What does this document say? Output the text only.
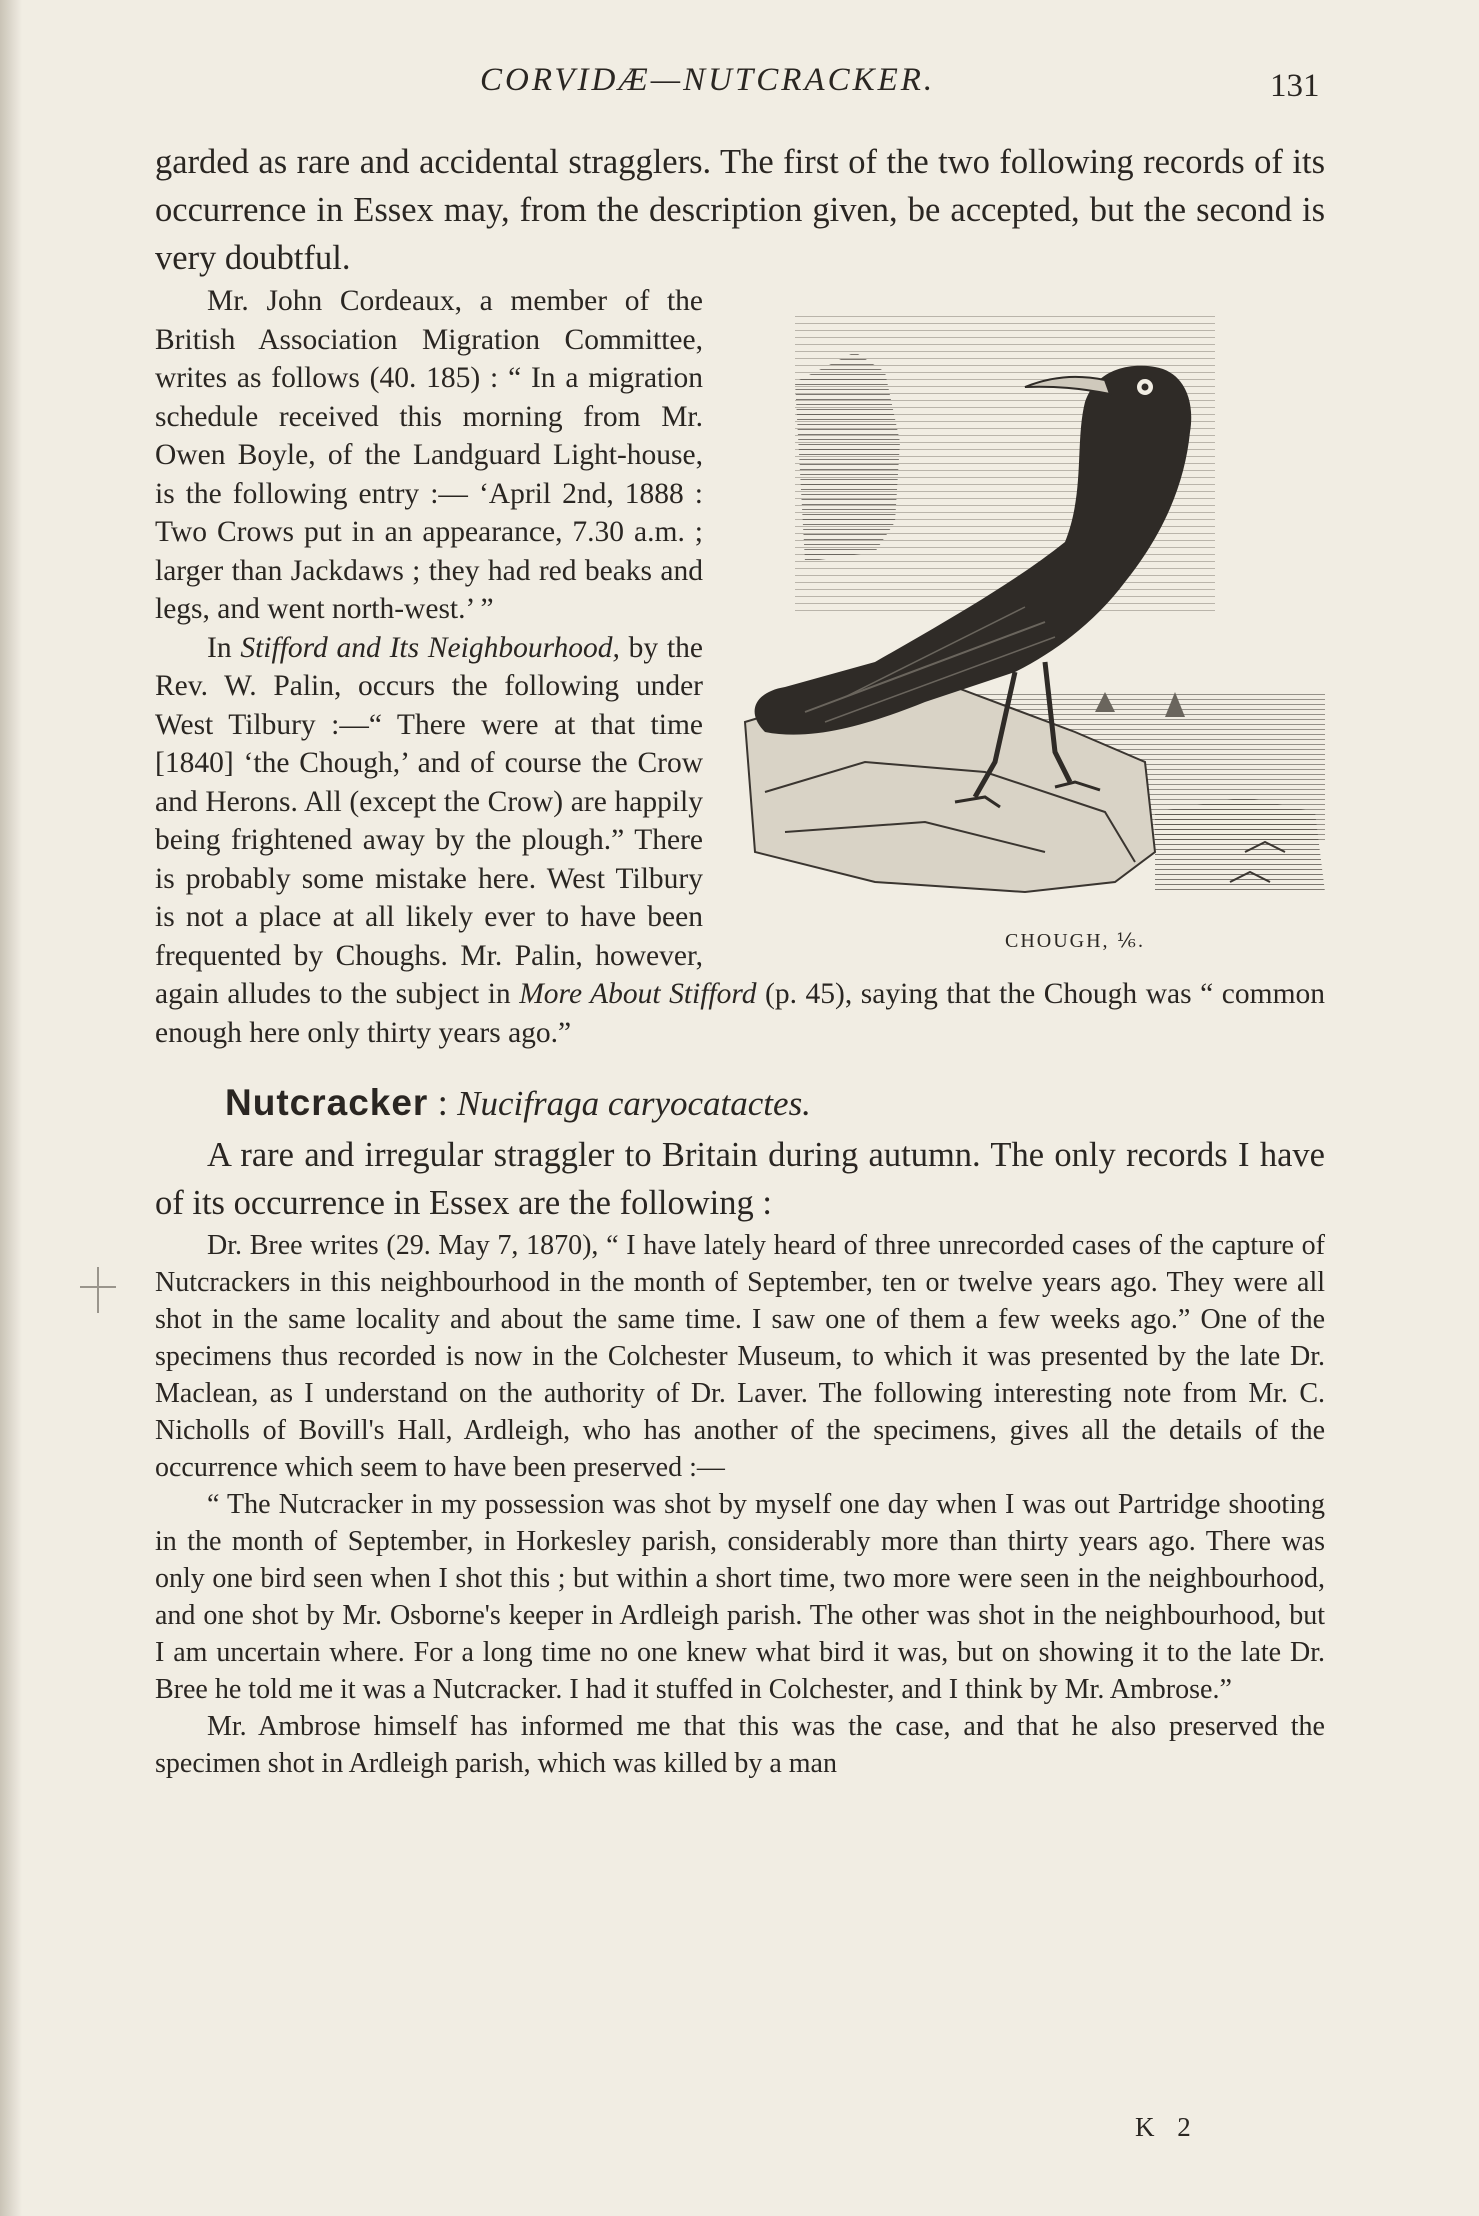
CORVIDÆ—NUTCRACKER.	131

garded as rare and accidental stragglers. The first of the two following records of its occurrence in Essex may, from the description given, be accepted, but the second is very doubtful.

CHOUGH, ⅙.

Mr. John Cordeaux, a member of the British Association Migration Committee, writes as follows (40. 185) : “ In a migration schedule received this morning from Mr. Owen Boyle, of the Landguard Light-house, is the following entry :— ‘April 2nd, 1888 : Two Crows put in an appearance, 7.30 a.m. ; larger than Jackdaws ; they had red beaks and legs, and went north-west.’ ”

In Stifford and Its Neighbourhood, by the Rev. W. Palin, occurs the following under West Tilbury :—“ There were at that time [1840] ‘the Chough,’ and of course the Crow and Herons. All (except the Crow) are happily being frightened away by the plough.” There is probably some mistake here. West Tilbury is not a place at all likely ever to have been frequented by Choughs. Mr. Palin, however, again alludes to the subject in More About Stifford (p. 45), saying that the Chough was “ common enough here only thirty years ago.”

Nutcracker : Nucifraga caryocatactes.

A rare and irregular straggler to Britain during autumn. The only records I have of its occurrence in Essex are the following :

Dr. Bree writes (29. May 7, 1870), “ I have lately heard of three unrecorded cases of the capture of Nutcrackers in this neighbourhood in the month of September, ten or twelve years ago. They were all shot in the same locality and about the same time. I saw one of them a few weeks ago.” One of the specimens thus recorded is now in the Colchester Museum, to which it was presented by the late Dr. Maclean, as I understand on the authority of Dr. Laver. The following interesting note from Mr. C. Nicholls of Bovill's Hall, Ardleigh, who has another of the specimens, gives all the details of the occurrence which seem to have been preserved :—

“ The Nutcracker in my possession was shot by myself one day when I was out Partridge shooting in the month of September, in Horkesley parish, considerably more than thirty years ago. There was only one bird seen when I shot this ; but within a short time, two more were seen in the neighbourhood, and one shot by Mr. Osborne's keeper in Ardleigh parish. The other was shot in the neighbourhood, but I am uncertain where. For a long time no one knew what bird it was, but on showing it to the late Dr. Bree he told me it was a Nutcracker. I had it stuffed in Colchester, and I think by Mr. Ambrose.”

Mr. Ambrose himself has informed me that this was the case, and that he also preserved the specimen shot in Ardleigh parish, which was killed by a man

K 2
